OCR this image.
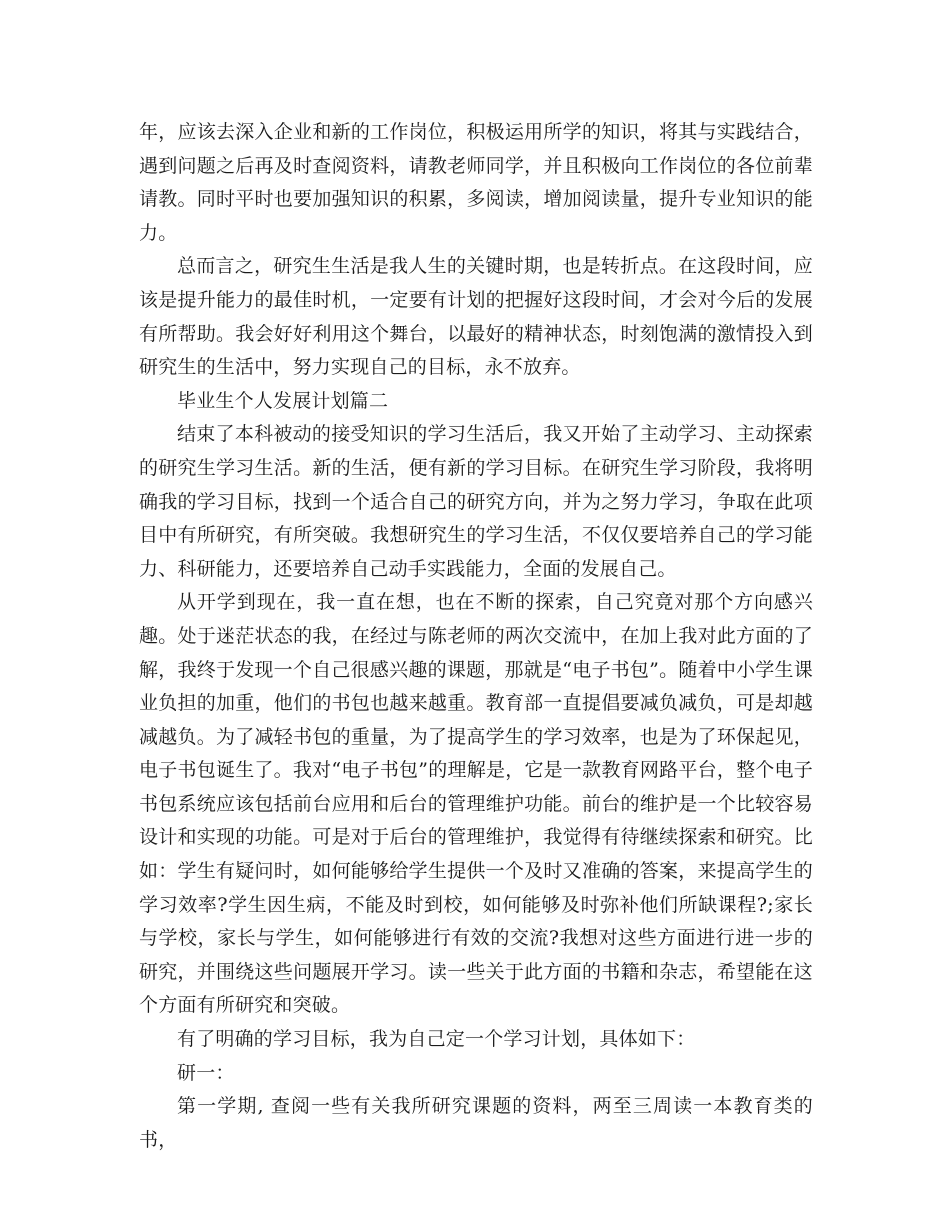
年，应该去深入企业和新的工作岗位，积极运用所学的知识，将其与实践结合，遇到问题之后再及时查阅资料，请教老师同学，并且积极向工作岗位的各位前辈请教。同时平时也要加强知识的积累，多阅读，增加阅读量，提升专业知识的能力。

总而言之，研究生生活是我人生的关键时期，也是转折点。在这段时间，应该是提升能力的最佳时机，一定要有计划的把握好这段时间，才会对今后的发展有所帮助。我会好好利用这个舞台，以最好的精神状态，时刻饱满的激情投入到研究生的生活中，努力实现自己的目标，永不放弃。

毕业生个人发展计划篇二

结束了本科被动的接受知识的学习生活后，我又开始了主动学习、主动探索的研究生学习生活。新的生活，便有新的学习目标。在研究生学习阶段，我将明确我的学习目标，找到一个适合自己的研究方向，并为之努力学习，争取在此项目中有所研究，有所突破。我想研究生的学习生活，不仅仅要培养自己的学习能力、科研能力，还要培养自己动手实践能力，全面的发展自己。

从开学到现在，我一直在想，也在不断的探索，自己究竟对那个方向感兴趣。处于迷茫状态的我，在经过与陈老师的两次交流中，在加上我对此方面的了解，我终于发现一个自己很感兴趣的课题，那就是“电子书包”。随着中小学生课业负担的加重，他们的书包也越来越重。教育部一直提倡要减负减负，可是却越减越负。为了减轻书包的重量，为了提高学生的学习效率，也是为了环保起见，电子书包诞生了。我对“电子书包”的理解是，它是一款教育网路平台，整个电子书包系统应该包括前台应用和后台的管理维护功能。前台的维护是一个比较容易设计和实现的功能。可是对于后台的管理维护，我觉得有待继续探索和研究。比如：学生有疑问时，如何能够给学生提供一个及时又准确的答案，来提高学生的学习效率?学生因生病，不能及时到校，如何能够及时弥补他们所缺课程?;家长与学校，家长与学生，如何能够进行有效的交流?我想对这些方面进行进一步的研究，并围绕这些问题展开学习。读一些关于此方面的书籍和杂志，希望能在这个方面有所研究和突破。

有了明确的学习目标，我为自己定一个学习计划，具体如下：

研一：

第一学期, 查阅一些有关我所研究课题的资料，两至三周读一本教育类的书，
